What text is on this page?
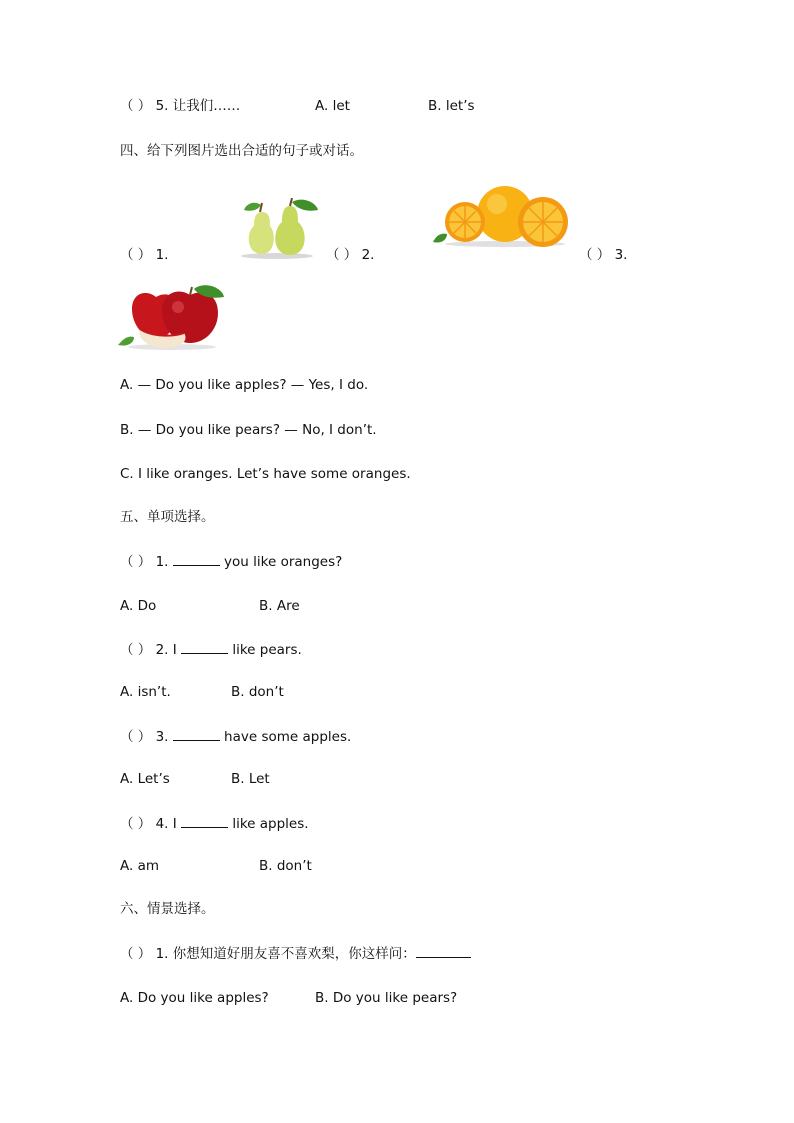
（ ） 5. 让我们……	A. let	B. let’s
四、给下列图片选出合适的句子或对话。
（ ） 1.	（ ） 2.	（ ） 3.
A. — Do you like apples? — Yes, I do.
B. — Do you like pears? — No, I don’t.
C. I like oranges. Let’s have some oranges.
五、单项选择。
（ ） 1.	you like oranges?
A. Do	B. Are
（ ） 2. I	like pears.
A. isn’t.	B. don’t
（ ） 3.	have some apples.
A. Let’s	B. Let
（ ） 4. I	like apples.
A. am	B. don’t
六、情景选择。
（ ） 1. 你想知道好朋友喜不喜欢梨，你这样问：
A. Do you like apples?	B. Do you like pears?
